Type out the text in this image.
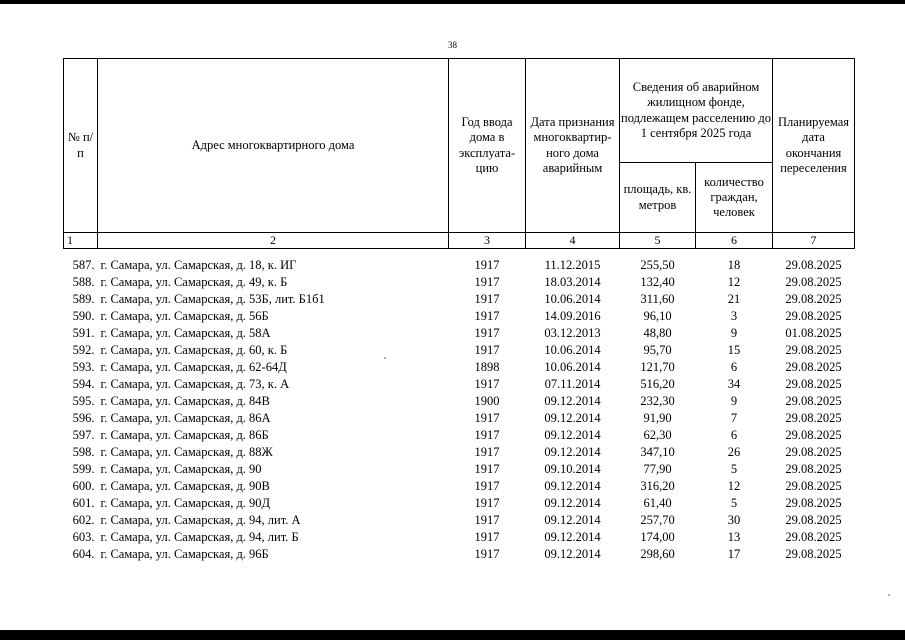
38
№ п/п	Адрес многоквартирного дома	Год ввода дома в эксплуата-цию	Дата признания многоквартир-ного дома аварийным	Сведения об аварийном жилищном фонде, подлежащем расселению до 1 сентября 2025 года		Планируемая дата окончания переселения
				площадь, кв. метров	количество граждан, человек	
1	2	3	4	5	6	7

587.	г. Самара, ул. Самарская, д. 18, к. ИГ	1917	11.12.2015	255,50	18	29.08.2025
588.	г. Самара, ул. Самарская, д. 49, к. Б	1917	18.03.2014	132,40	12	29.08.2025
589.	г. Самара, ул. Самарская, д. 53Б, лит. Б1б1	1917	10.06.2014	311,60	21	29.08.2025
590.	г. Самара, ул. Самарская, д. 56Б	1917	14.09.2016	96,10	3	29.08.2025
591.	г. Самара, ул. Самарская, д. 58А	1917	03.12.2013	48,80	9	01.08.2025
592.	г. Самара, ул. Самарская, д. 60, к. Б	1917	10.06.2014	95,70	15	29.08.2025
593.	г. Самара, ул. Самарская, д. 62-64Д	1898	10.06.2014	121,70	6	29.08.2025
594.	г. Самара, ул. Самарская, д. 73, к. А	1917	07.11.2014	516,20	34	29.08.2025
595.	г. Самара, ул. Самарская, д. 84В	1900	09.12.2014	232,30	9	29.08.2025
596.	г. Самара, ул. Самарская, д. 86А	1917	09.12.2014	91,90	7	29.08.2025
597.	г. Самара, ул. Самарская, д. 86Б	1917	09.12.2014	62,30	6	29.08.2025
598.	г. Самара, ул. Самарская, д. 88Ж	1917	09.12.2014	347,10	26	29.08.2025
599.	г. Самара, ул. Самарская, д. 90	1917	09.10.2014	77,90	5	29.08.2025
600.	г. Самара, ул. Самарская, д. 90В	1917	09.12.2014	316,20	12	29.08.2025
601.	г. Самара, ул. Самарская, д. 90Д	1917	09.12.2014	61,40	5	29.08.2025
602.	г. Самара, ул. Самарская, д. 94, лит. А	1917	09.12.2014	257,70	30	29.08.2025
603.	г. Самара, ул. Самарская, д. 94, лит. Б	1917	09.12.2014	174,00	13	29.08.2025
604.	г. Самара, ул. Самарская, д. 96Б	1917	09.12.2014	298,60	17	29.08.2025
